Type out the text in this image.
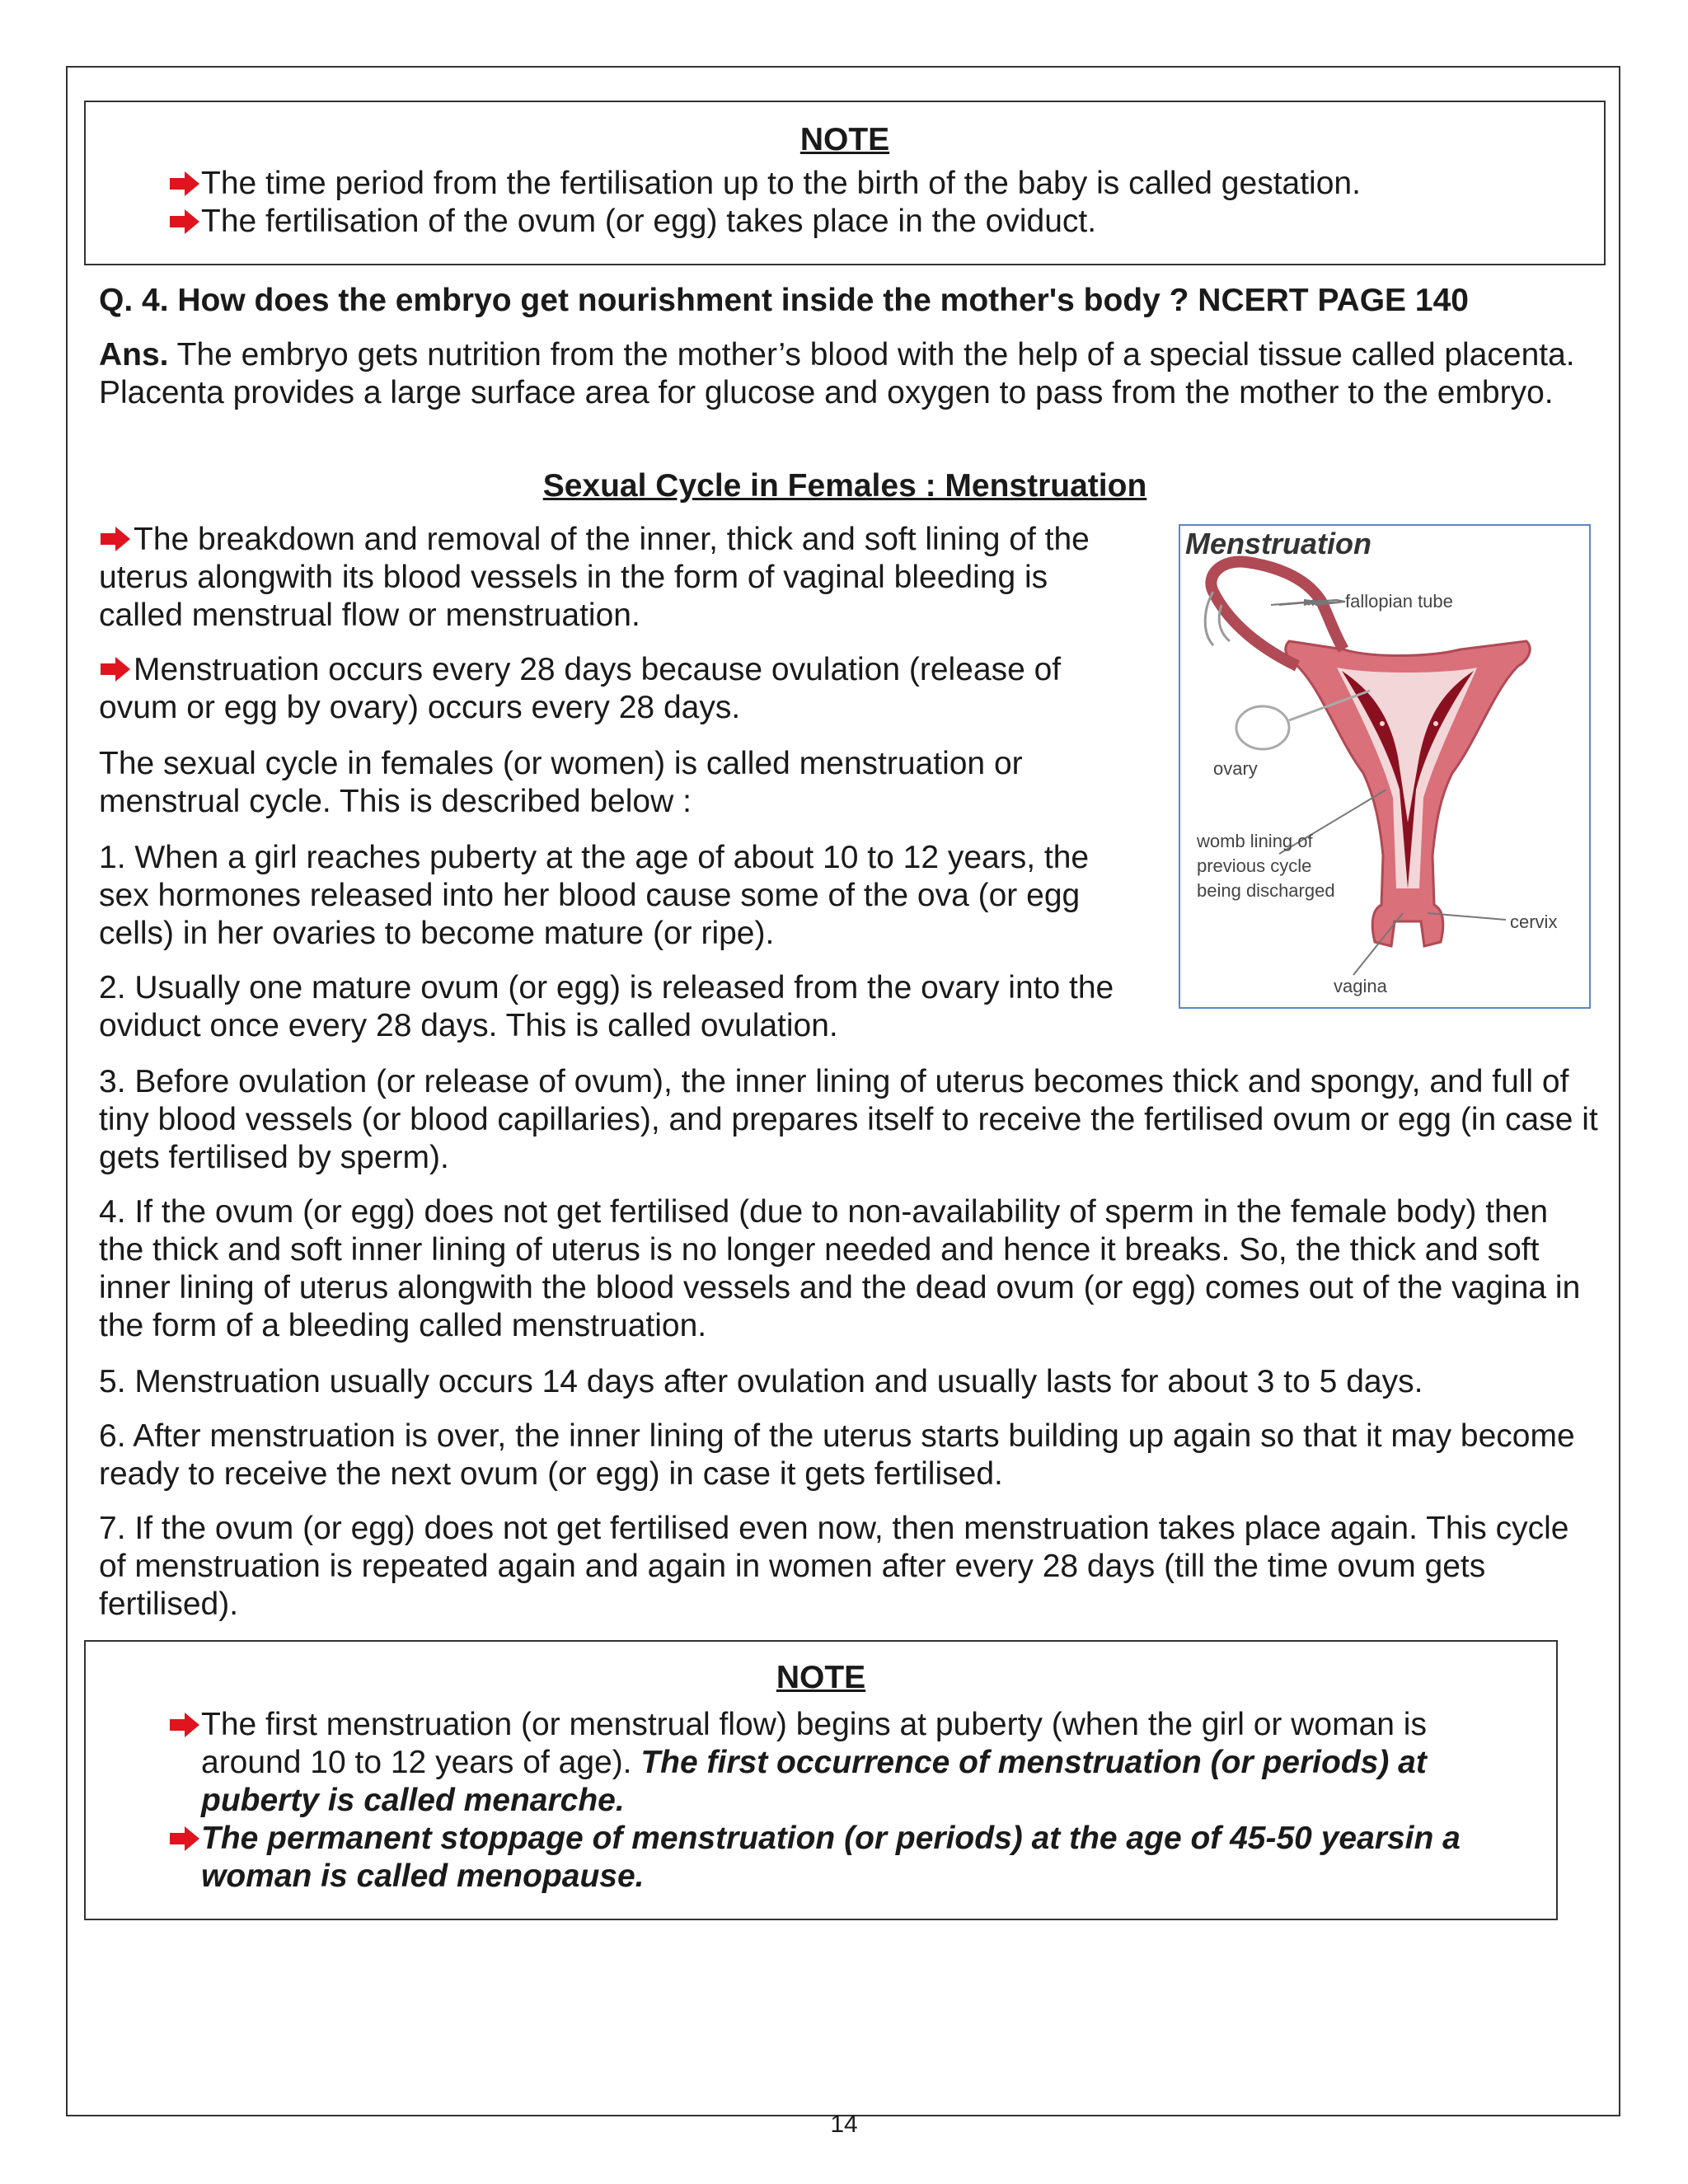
NOTE
The time period from the fertilisation up to the birth of the baby is called gestation.
The fertilisation of the ovum (or egg) takes place in the oviduct.
Q. 4. How does the embryo get nourishment inside the mother's body ? NCERT PAGE 140
Ans. The embryo gets nutrition from the mother’s blood with the help of a special tissue called placenta. Placenta provides a large surface area for glucose and oxygen to pass from the mother to the embryo.
Sexual Cycle in Females : Menstruation
The breakdown and removal of the inner, thick and soft lining of the uterus alongwith its blood vessels in the form of vaginal bleeding is called menstrual flow or menstruation.
Menstruation occurs every 28 days because ovulation (release of ovum or egg by ovary) occurs every 28 days.
The sexual cycle in females (or women) is called menstruation or menstrual cycle. This is described below :
1. When a girl reaches puberty at the age of about 10 to 12 years, the sex hormones released into her blood cause some of the ova (or egg cells) in her ovaries to become mature (or ripe).
2. Usually one mature ovum (or egg) is released from the ovary into the oviduct once every 28 days. This is called ovulation.
Menstruation
fallopian tube
ovary
womb lining of
previous cycle
being discharged
cervix
vagina
3. Before ovulation (or release of ovum), the inner lining of uterus becomes thick and spongy, and full of tiny blood vessels (or blood capillaries), and prepares itself to receive the fertilised ovum or egg (in case it gets fertilised by sperm).
4. If the ovum (or egg) does not get fertilised (due to non-availability of sperm in the female body) then the thick and soft inner lining of uterus is no longer needed and hence it breaks. So, the thick and soft inner lining of uterus alongwith the blood vessels and the dead ovum (or egg) comes out of the vagina in the form of a bleeding called menstruation.
5. Menstruation usually occurs 14 days after ovulation and usually lasts for about 3 to 5 days.
6. After menstruation is over, the inner lining of the uterus starts building up again so that it may become ready to receive the next ovum (or egg) in case it gets fertilised.
7. If the ovum (or egg) does not get fertilised even now, then menstruation takes place again. This cycle of menstruation is repeated again and again in women after every 28 days (till the time ovum gets fertilised).
NOTE
The first menstruation (or menstrual flow) begins at puberty (when the girl or woman is around 10 to 12 years of age). The first occurrence of menstruation (or periods) at puberty is called menarche.
The permanent stoppage of menstruation (or periods) at the age of 45-50 yearsin a woman is called menopause.
14
